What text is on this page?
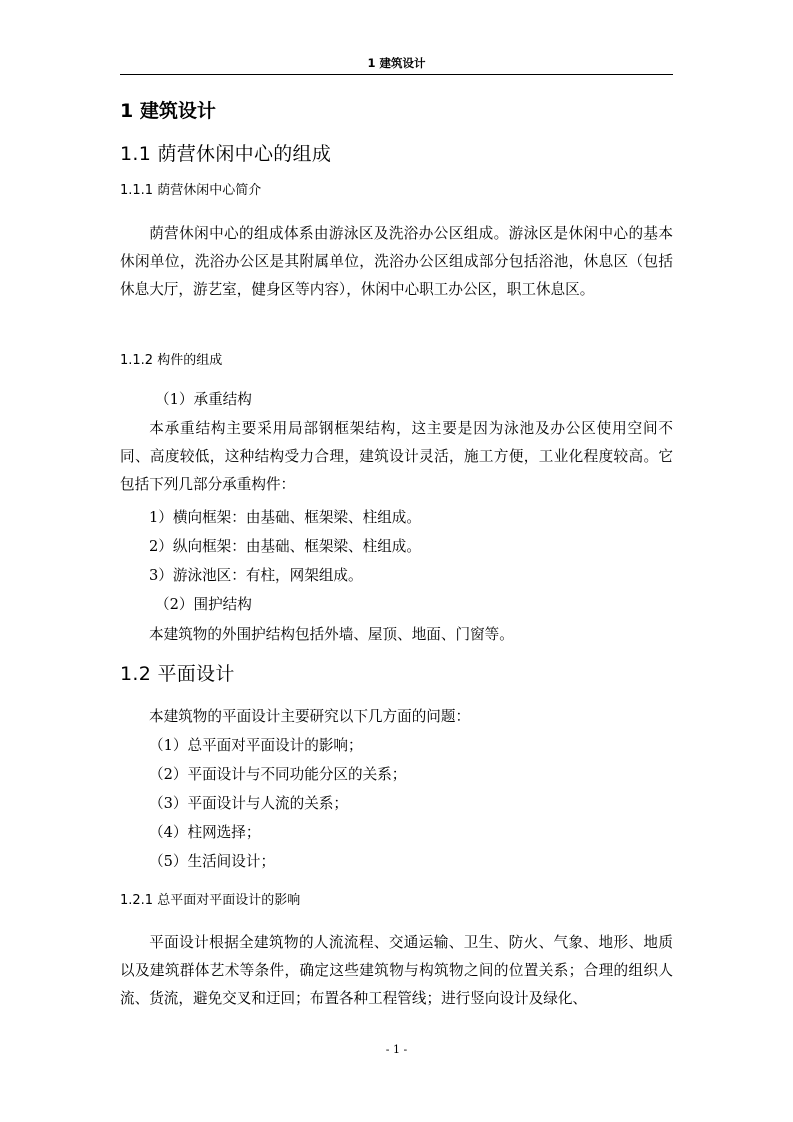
1 建筑设计
1 建筑设计
1.1 荫营休闲中心的组成
1.1.1 荫营休闲中心简介

荫营休闲中心的组成体系由游泳区及洗浴办公区组成。游泳区是休闲中心的基本休闲单位，洗浴办公区是其附属单位，洗浴办公区组成部分包括浴池，休息区（包括休息大厅，游艺室，健身区等内容），休闲中心职工办公区，职工休息区。

1.1.2 构件的组成
（1）承重结构

本承重结构主要采用局部钢框架结构，这主要是因为泳池及办公区使用空间不同、高度较低，这种结构受力合理，建筑设计灵活，施工方便，工业化程度较高。它包括下列几部分承重构件：

1）横向框架：由基础、框架梁、柱组成。
2）纵向框架：由基础、框架梁、柱组成。
3）游泳池区：有柱，网架组成。
（2）围护结构
本建筑物的外围护结构包括外墙、屋顶、地面、门窗等。
1.2 平面设计
本建筑物的平面设计主要研究以下几方面的问题：
（1）总平面对平面设计的影响；
（2）平面设计与不同功能分区的关系；
（3）平面设计与人流的关系；
（4）柱网选择；
（5）生活间设计；
1.2.1 总平面对平面设计的影响

平面设计根据全建筑物的人流流程、交通运输、卫生、防火、气象、地形、地质以及建筑群体艺术等条件，确定这些建筑物与构筑物之间的位置关系；合理的组织人流、货流，避免交叉和迂回；布置各种工程管线；进行竖向设计及绿化、

- 1 -
